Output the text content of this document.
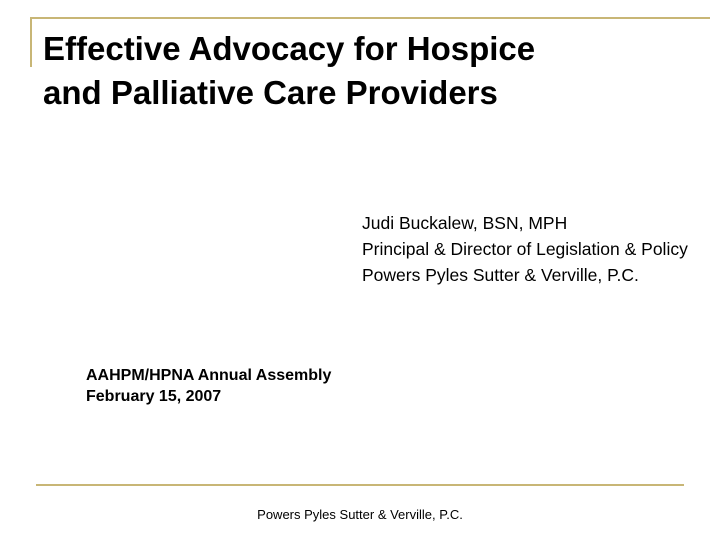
Effective Advocacy for Hospice
and Palliative Care Providers
Judi Buckalew, BSN, MPH
Principal & Director of Legislation & Policy
Powers Pyles Sutter & Verville, P.C.
AAHPM/HPNA Annual Assembly
February 15, 2007
Powers Pyles Sutter & Verville, P.C.
